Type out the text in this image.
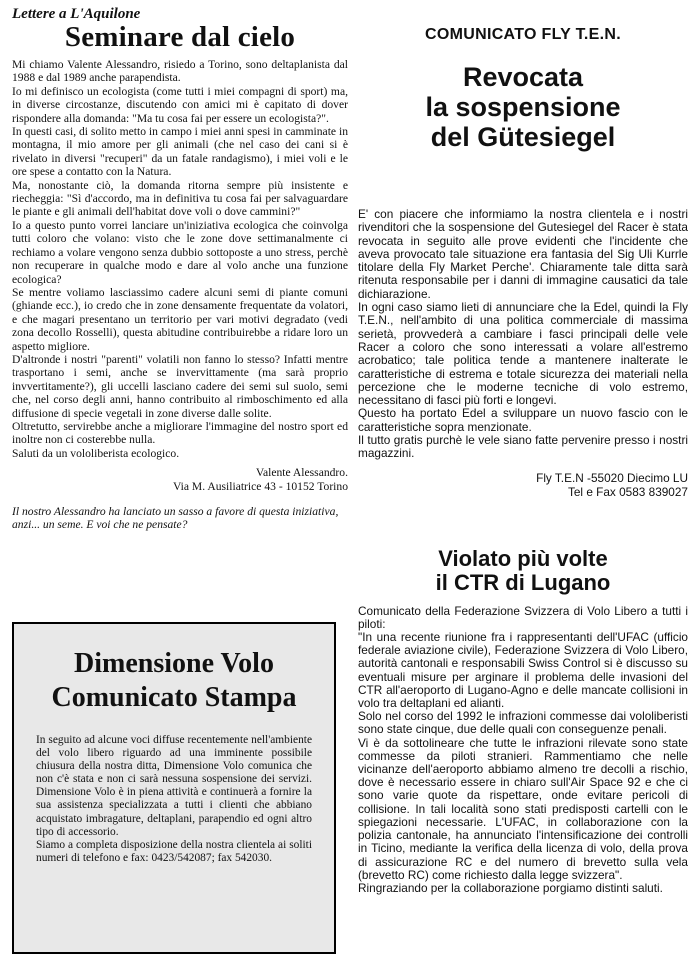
Lettere a L'Aquilone
Seminare dal cielo

Mi chiamo Valente Alessandro, risiedo a Torino, sono deltaplanista dal 1988 e dal 1989 anche parapendista.

Io mi definisco un ecologista (come tutti i miei compagni di sport) ma, in diverse circostanze, discutendo con amici mi è capitato di dover rispondere alla domanda: "Ma tu cosa fai per essere un ecologista?".

In questi casi, di solito metto in campo i miei anni spesi in camminate in montagna, il mio amore per gli animali (che nel caso dei cani si è rivelato in diversi "recuperi" da un fatale randagismo), i miei voli e le ore spese a contatto con la Natura.

Ma, nonostante ciò, la domanda ritorna sempre più insistente e riecheggia: "Sì d'accordo, ma in definitiva tu cosa fai per salvaguardare le piante e gli animali dell'habitat dove voli o dove cammini?"

Io a questo punto vorrei lanciare un'iniziativa ecologica che coinvolga tutti coloro che volano: visto che le zone dove settimanalmente ci rechiamo a volare vengono senza dubbio sottoposte a uno stress, perchè non recuperare in qualche modo e dare al volo anche una funzione ecologica?

Se mentre voliamo lasciassimo cadere alcuni semi di piante comuni (ghiande ecc.), io credo che in zone densamente frequentate da volatori, e che magari presentano un territorio per vari motivi degradato (vedi zona decollo Rosselli), questa abitudine contribuirebbe a ridare loro un aspetto migliore.

D'altronde i nostri "parenti" volatili non fanno lo stesso? Infatti mentre trasportano i semi, anche se invervittamente (ma sarà proprio invvertitamente?), gli uccelli lasciano cadere dei semi sul suolo, semi che, nel corso degli anni, hanno contribuito al rimboschimento ed alla diffusione di specie vegetali in zone diverse dalle solite.

Oltretutto, servirebbe anche a migliorare l'immagine del nostro sport ed inoltre non ci costerebbe nulla.

Saluti da un vololiberista ecologico.

Valente Alessandro.
Via M. Ausiliatrice 43 - 10152 Torino
Il nostro Alessandro ha lanciato un sasso a favore di questa iniziativa, anzi... un seme. E voi che ne pensate?
Dimensione Volo
Comunicato Stampa

In seguito ad alcune voci diffuse recentemente nell'ambiente del volo libero riguardo ad una imminente possibile chiusura della nostra ditta, Dimensione Volo comunica che non c'è stata e non ci sarà nessuna sospensione dei servizi. Dimensione Volo è in piena attività e continuerà a fornire la sua assistenza specializzata a tutti i clienti che abbiano acquistato imbragature, deltaplani, parapendio ed ogni altro tipo di accessorio.

Siamo a completa disposizione della nostra clientela ai soliti numeri di telefono e fax: 0423/542087; fax 542030.

COMUNICATO FLY T.E.N.
Revocata
la sospensione
del Gütesiegel

E' con piacere che informiamo la nostra clientela e i nostri rivenditori che la sospensione del Gutesiegel del Racer è stata revocata in seguito alle prove evidenti che l'incidente che aveva provocato tale situazione era fantasia del Sig Uli Kurrle titolare della Fly Market Perche'. Chiaramente tale ditta sarà ritenuta responsabile per i danni di immagine causatici da tale dichiarazione.

In ogni caso siamo lieti di annunciare che la Edel, quindi la Fly T.E.N., nell'ambito di una politica commerciale di massima serietà, provvederà a cambiare i fasci principali delle vele Racer a coloro che sono interessati a volare all'estremo acrobatico; tale politica tende a mantenere inalterate le caratteristiche di estrema e totale sicurezza dei materiali nella percezione che le moderne tecniche di volo estremo, necessitano di fasci più forti e longevi.

Questo ha portato Edel a sviluppare un nuovo fascio con le caratteristiche sopra menzionate.

Il tutto gratis purchè le vele siano fatte pervenire presso i nostri magazzini.

Fly T.E.N -55020 Diecimo LU
Tel e Fax 0583 839027
Violato più volte
il CTR di Lugano

Comunicato della Federazione Svizzera di Volo Libero a tutti i piloti:

"In una recente riunione fra i rappresentanti dell'UFAC (ufficio federale aviazione civile), Federazione Svizzera di Volo Libero, autorità cantonali e responsabili Swiss Control si è discusso su eventuali misure per arginare il problema delle invasioni del CTR all'aeroporto di Lugano-Agno e delle mancate collisioni in volo tra deltaplani ed alianti.

Solo nel corso del 1992 le infrazioni commesse dai vololiberisti sono state cinque, due delle quali con conseguenze penali.

Vi è da sottolineare che tutte le infrazioni rilevate sono state commesse da piloti stranieri. Rammentiamo che nelle vicinanze dell'aeroporto abbiamo almeno tre decolli a rischio, dove è necessario essere in chiaro sull'Air Space 92 e che ci sono varie quote da rispettare, onde evitare pericoli di collisione. In tali località sono stati predisposti cartelli con le spiegazioni necessarie. L'UFAC, in collaborazione con la polizia cantonale, ha annunciato l'intensificazione dei controlli in Ticino, mediante la verifica della licenza di volo, della prova di assicurazione RC e del numero di brevetto sulla vela (brevetto RC) come richiesto dalla legge svizzera".

Ringraziando per la collaborazione porgiamo distinti saluti.
